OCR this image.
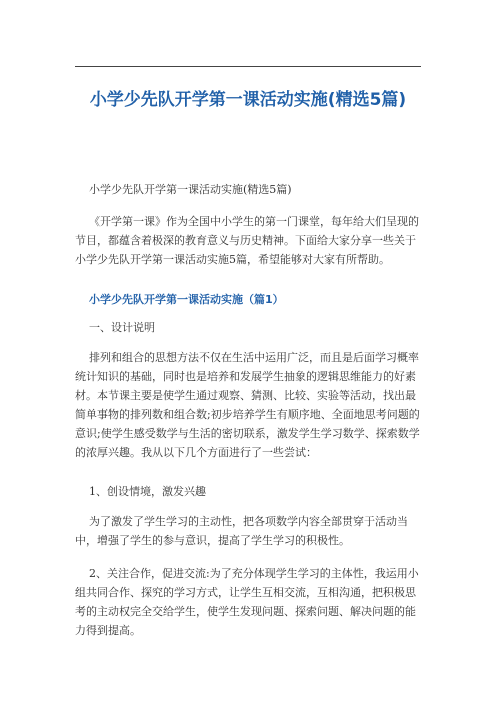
小学少先队开学第一课活动实施(精选5篇)
小学少先队开学第一课活动实施(精选5篇)
《开学第一课》作为全国中小学生的第一门课堂，每年给大们呈现的节目，都蕴含着极深的教育意义与历史精神。下面给大家分享一些关于小学少先队开学第一课活动实施5篇，希望能够对大家有所帮助。
小学少先队开学第一课活动实施（篇1）
一、设计说明
排列和组合的思想方法不仅在生活中运用广泛，而且是后面学习概率统计知识的基础，同时也是培养和发展学生抽象的逻辑思维能力的好素材。本节课主要是使学生通过观察、猜测、比较、实验等活动，找出最简单事物的排列数和组合数;初步培养学生有顺序地、全面地思考问题的意识;使学生感受数学与生活的密切联系，激发学生学习数学、探索数学的浓厚兴趣。我从以下几个方面进行了一些尝试：
1、创设情境，激发兴趣
为了激发了学生学习的主动性，把各项数学内容全部贯穿于活动当中，增强了学生的参与意识，提高了学生学习的积极性。
2、关注合作，促进交流:为了充分体现学生学习的主体性，我运用小组共同合作、探究的学习方式，让学生互相交流，互相沟通，把积极思考的主动权完全交给学生，使学生发现问题、探索问题、解决问题的能力得到提高。
